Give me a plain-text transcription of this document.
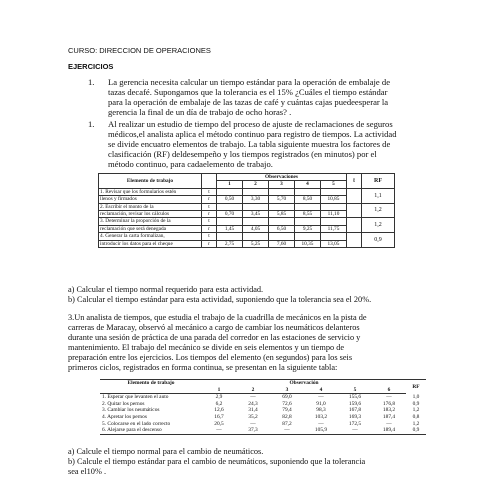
CURSO: DIRECCION DE OPERACIONES
EJERCICIOS
1. La gerencia necesita calcular un tiempo estándar para la operación de embalaje de
tazas decafé. Supongamos que la tolerancia es el 15% ¿Cuáles el tiempo estándar
para la operación de embalaje de las tazas de café y cuántas cajas puedeesperar la
gerencia la final de un día de trabajo de ocho horas? .
1. Al realizar un estudio de tiempo del proceso de ajuste de reclamaciones de seguros
médicos,el analista aplica el método continuo para registro de tiempos. La actividad
se divide encuatro elementos de trabajo. La tabla siguiente muestra los factores de
clasificación (RF) deldesempeño y los tiempos registrados (en minutos) por el
método continuo, para cadaelemento de trabajo.
Elemento de trabajo		Observaciones					t̄	RF
		1	2	3	4	5		
1. Revisar que los formularios estén	t							1,1
llenos y firmados	r	0,50	3,30	5,70	8,50	10,85		
2. Escribir el monto de la	t							1,2
reclamación, revisar los cálculos	r	0,70	3,45	5,85	8,55	11,10		
3. Determinar la proporción de la	t							1,2
reclamación que será denegada	r	1,45	4,05	6,50	9,25	11,75		
4. Generar la carta formalizan,	t							0,9
introducir los datos para el cheque	r	2,75	5,25	7,60	10,35	13,05		
a) Calcular el tiempo normal requerido para esta actividad.
b) Calcular el tiempo estándar para esta actividad, suponiendo que la tolerancia sea el 20%.
3.Un analista de tiempos, que estudia el trabajo de la cuadrilla de mecánicos en la pista de
carreras de Maracay, observó al mecánico a cargo de cambiar los neumáticos delanteros
durante una sesión de práctica de una parada del corredor en las estaciones de servicio y
mantenimiento. El trabajo del mecánico se divide en seis elementos y un tiempo de
preparación entre los ejercicios. Los tiempos del elemento (en segundos) para los seis
primeros ciclos, registrados en forma continua, se presentan en la siguiente tabla:
Elemento de trabajo	Observación						RF
	1	2	3	4	5	6	
1. Esperar que levanten el auto	2,9	—	69,0	—	155,6	—	1,0
2. Quitar los pernos	6,2	24,3	72,6	91,0	159,6	176,8	0,9
3. Cambiar los neumáticos	12,6	31,4	79,4	98,3	167,8	183,2	1,2
4. Apretar los pernos	16,7	35,2	82,8	103,2	169,3	187,4	0,8
5. Colocarse en el lado correcto	20,5	—	87,2	—	172,5	—	1,2
6. Alejarse para el descenso	—	37,3	—	105,9	—	189,4	0,9
a) Calcule el tiempo normal para el cambio de neumáticos.
b) Calcule el tiempo estándar para el cambio de neumáticos, suponiendo que la tolerancia
sea el10% .
